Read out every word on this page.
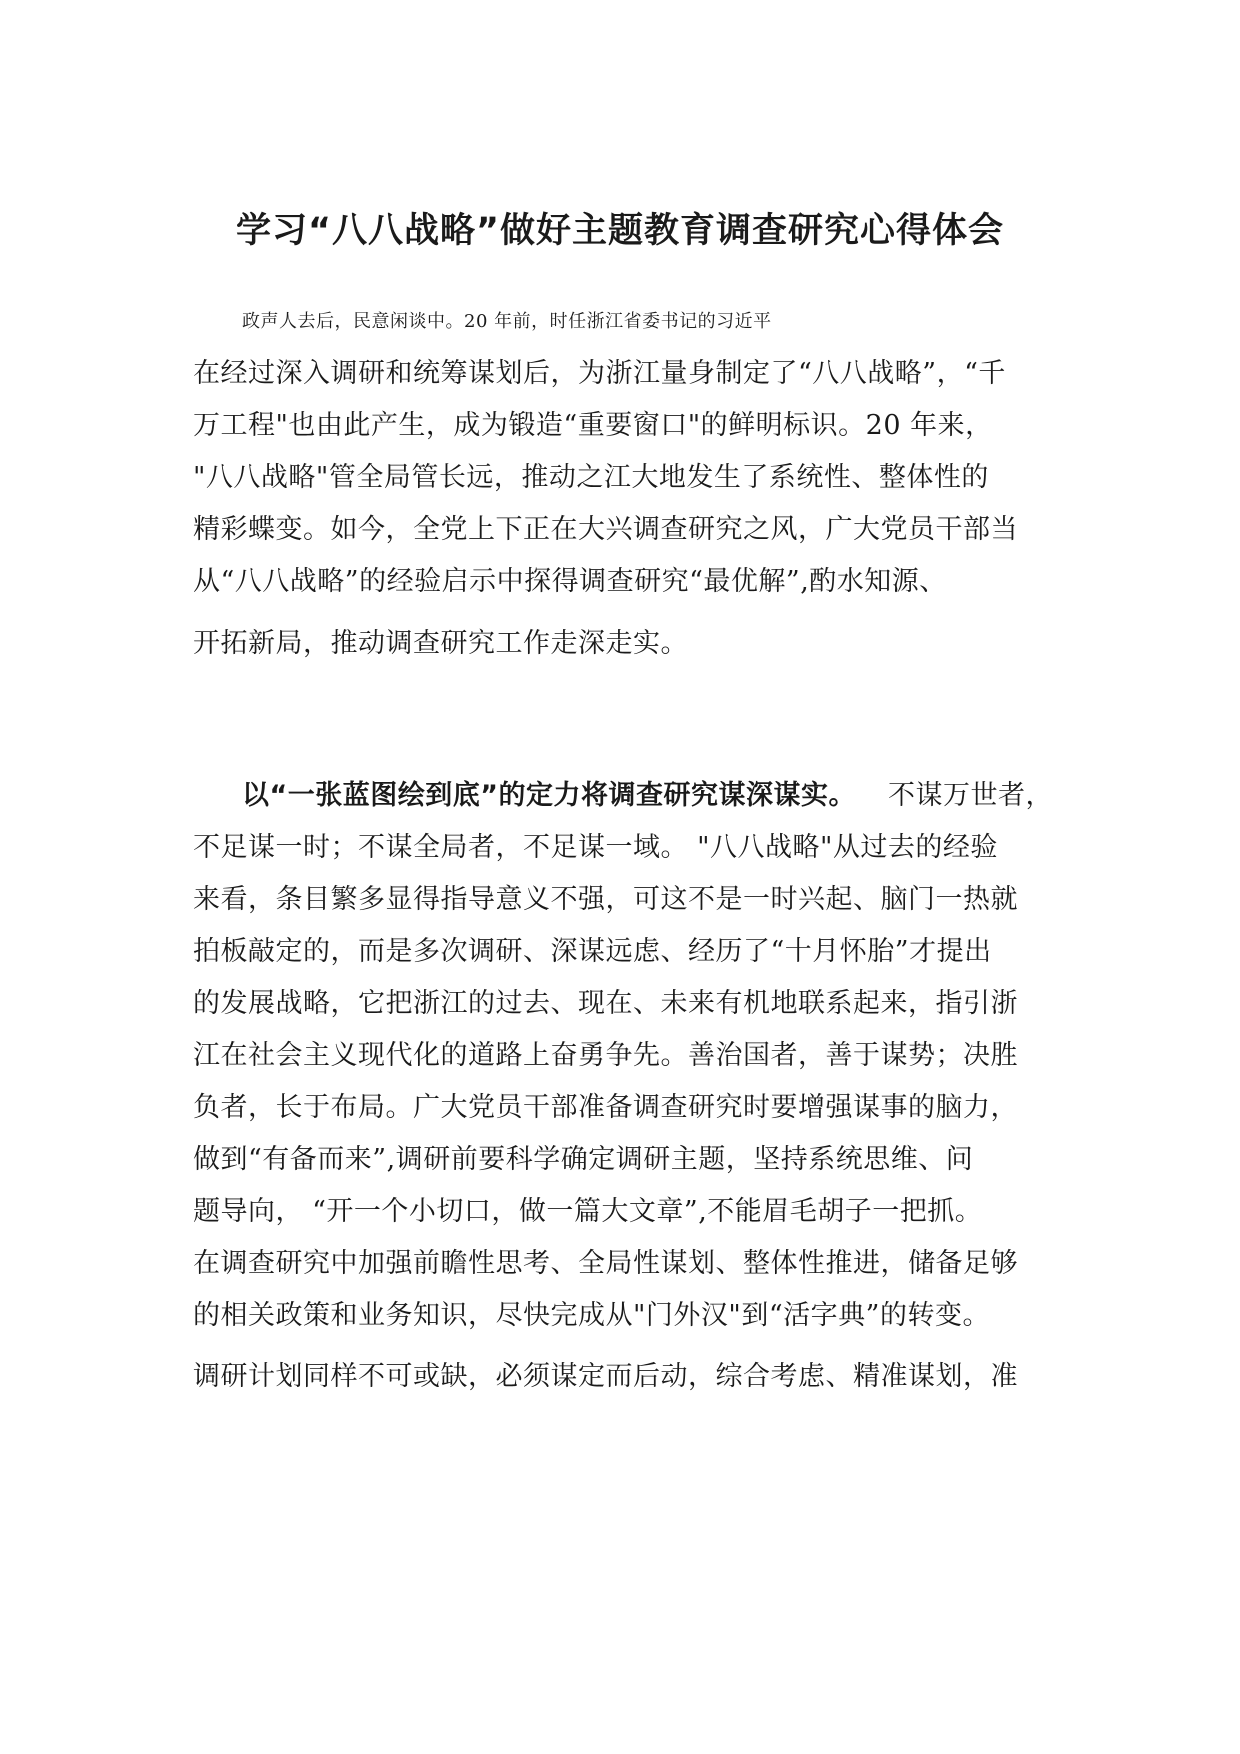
学习“八八战略”做好主题教育调查研究心得体会
政声人去后，民意闲谈中。20 年前，时任浙江省委书记的习近平
在经过深入调研和统筹谋划后，为浙江量身制定了“八八战略”，“千
万工程"也由此产生，成为锻造“重要窗口"的鲜明标识。20 年来，
"八八战略"管全局管长远，推动之江大地发生了系统性、整体性的
精彩蝶变。如今，全党上下正在大兴调查研究之风，广大党员干部当
从“八八战略”的经验启示中探得调查研究“最优解”,酌水知源、
开拓新局，推动调查研究工作走深走实。
以“一张蓝图绘到底”的定力将调查研究谋深谋实。 不谋万世者，
不足谋一时；不谋全局者，不足谋一域。 "八八战略"从过去的经验
来看，条目繁多显得指导意义不强，可这不是一时兴起、脑门一热就
拍板敲定的，而是多次调研、深谋远虑、经历了“十月怀胎”才提出
的发展战略，它把浙江的过去、现在、未来有机地联系起来，指引浙
江在社会主义现代化的道路上奋勇争先。善治国者，善于谋势；决胜
负者，长于布局。广大党员干部准备调查研究时要增强谋事的脑力，
做到“有备而来”,调研前要科学确定调研主题，坚持系统思维、问
题导向， “开一个小切口，做一篇大文章”,不能眉毛胡子一把抓。
在调查研究中加强前瞻性思考、全局性谋划、整体性推进，储备足够
的相关政策和业务知识，尽快完成从"门外汉"到“活字典”的转变。
调研计划同样不可或缺，必须谋定而后动，综合考虑、精准谋划，准
